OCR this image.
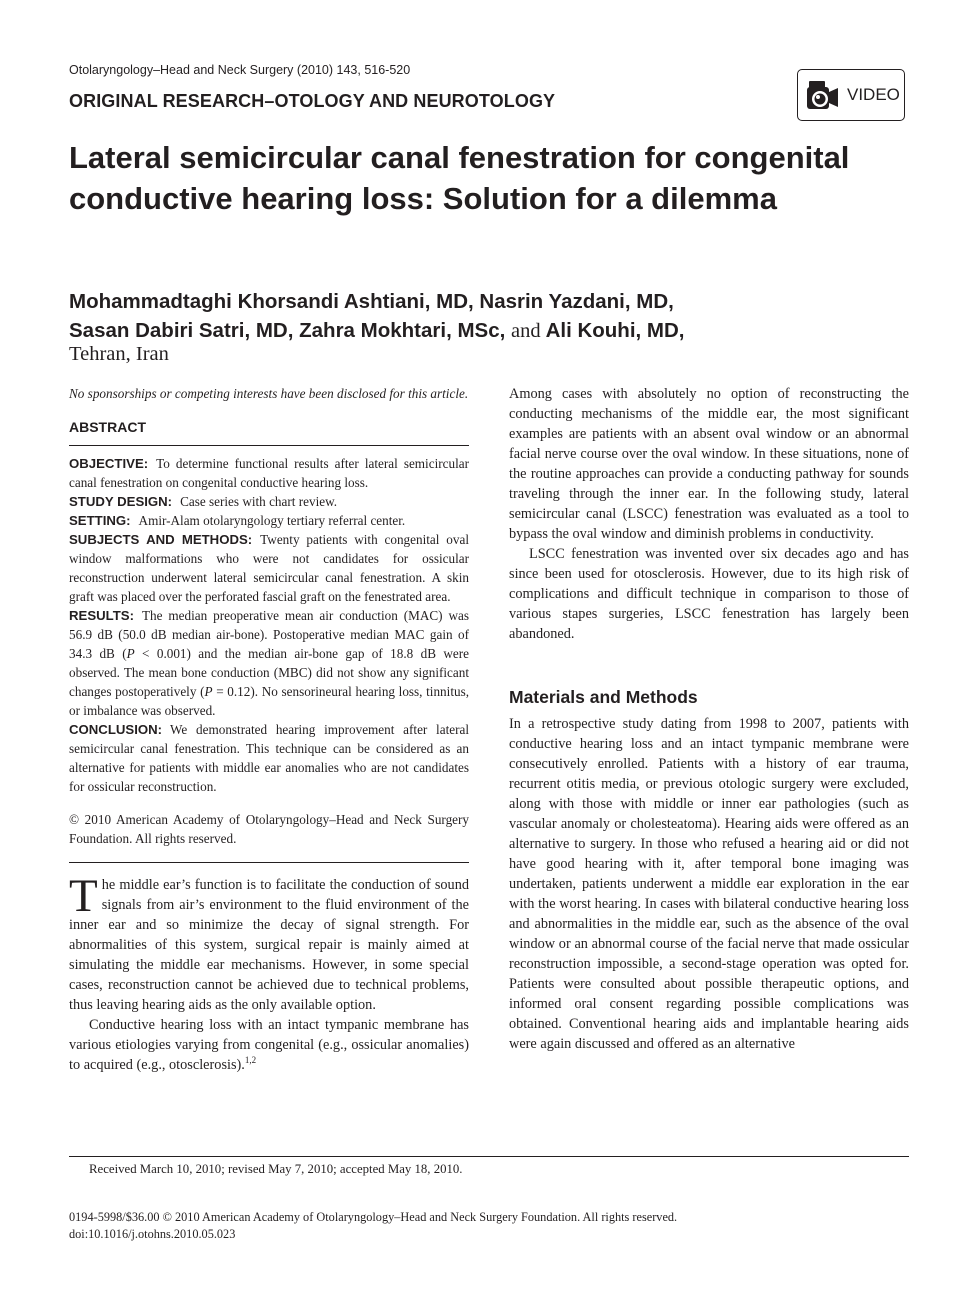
Otolaryngology–Head and Neck Surgery (2010) 143, 516-520
ORIGINAL RESEARCH–OTOLOGY AND NEUROTOLOGY	VIDEO
Lateral semicircular canal fenestration for congenital conductive hearing loss: Solution for a dilemma
Mohammadtaghi Khorsandi Ashtiani, MD, Nasrin Yazdani, MD,
Sasan Dabiri Satri, MD, Zahra Mokhtari, MSc, and Ali Kouhi, MD,
Tehran, Iran

No sponsorships or competing interests have been disclosed for this article.

ABSTRACT

OBJECTIVE: To determine functional results after lateral semicircular canal fenestration on congenital conductive hearing loss.

STUDY DESIGN: Case series with chart review.

SETTING: Amir-Alam otolaryngology tertiary referral center.

SUBJECTS AND METHODS: Twenty patients with congenital oval window malformations who were not candidates for ossicular reconstruction underwent lateral semicircular canal fenestration. A skin graft was placed over the perforated fascial graft on the fenestrated area.

RESULTS: The median preoperative mean air conduction (MAC) was 56.9 dB (50.0 dB median air-bone). Postoperative median MAC gain of 34.3 dB (P < 0.001) and the median air-bone gap of 18.8 dB were observed. The mean bone conduction (MBC) did not show any significant changes postoperatively (P = 0.12). No sensorineural hearing loss, tinnitus, or imbalance was observed.

CONCLUSION: We demonstrated hearing improvement after lateral semicircular canal fenestration. This technique can be considered as an alternative for patients with middle ear anomalies who are not candidates for ossicular reconstruction.

© 2010 American Academy of Otolaryngology–Head and Neck Surgery Foundation. All rights reserved.

The middle ear’s function is to facilitate the conduction of sound signals from air’s environment to the fluid environment of the inner ear and so minimize the decay of signal strength. For abnormalities of this system, surgical repair is mainly aimed at simulating the middle ear mechanisms. However, in some special cases, reconstruction cannot be achieved due to technical problems, thus leaving hearing aids as the only available option.

Conductive hearing loss with an intact tympanic membrane has various etiologies varying from congenital (e.g., ossicular anomalies) to acquired (e.g., otosclerosis).$^{1,2}$

Among cases with absolutely no option of reconstructing the conducting mechanisms of the middle ear, the most significant examples are patients with an absent oval window or an abnormal facial nerve course over the oval window. In these situations, none of the routine approaches can provide a conducting pathway for sounds traveling through the inner ear. In the following study, lateral semicircular canal (LSCC) fenestration was evaluated as a tool to bypass the oval window and diminish problems in conductivity.

LSCC fenestration was invented over six decades ago and has since been used for otosclerosis. However, due to its high risk of complications and difficult technique in comparison to those of various stapes surgeries, LSCC fenestration has largely been abandoned.

Materials and Methods

In a retrospective study dating from 1998 to 2007, patients with conductive hearing loss and an intact tympanic membrane were consecutively enrolled. Patients with a history of ear trauma, recurrent otitis media, or previous otologic surgery were excluded, along with those with middle or inner ear pathologies (such as vascular anomaly or cholesteatoma). Hearing aids were offered as an alternative to surgery. In those who refused a hearing aid or did not have good hearing with it, after temporal bone imaging was undertaken, patients underwent a middle ear exploration in the ear with the worst hearing. In cases with bilateral conductive hearing loss and abnormalities in the middle ear, such as the absence of the oval window or an abnormal course of the facial nerve that made ossicular reconstruction impossible, a second-stage operation was opted for. Patients were consulted about possible therapeutic options, and informed oral consent regarding possible complications was obtained. Conventional hearing aids and implantable hearing aids were again discussed and offered as an alternative

Received March 10, 2010; revised May 7, 2010; accepted May 18, 2010.
0194-5998/$36.00 © 2010 American Academy of Otolaryngology–Head and Neck Surgery Foundation. All rights reserved.
doi:10.1016/j.otohns.2010.05.023
